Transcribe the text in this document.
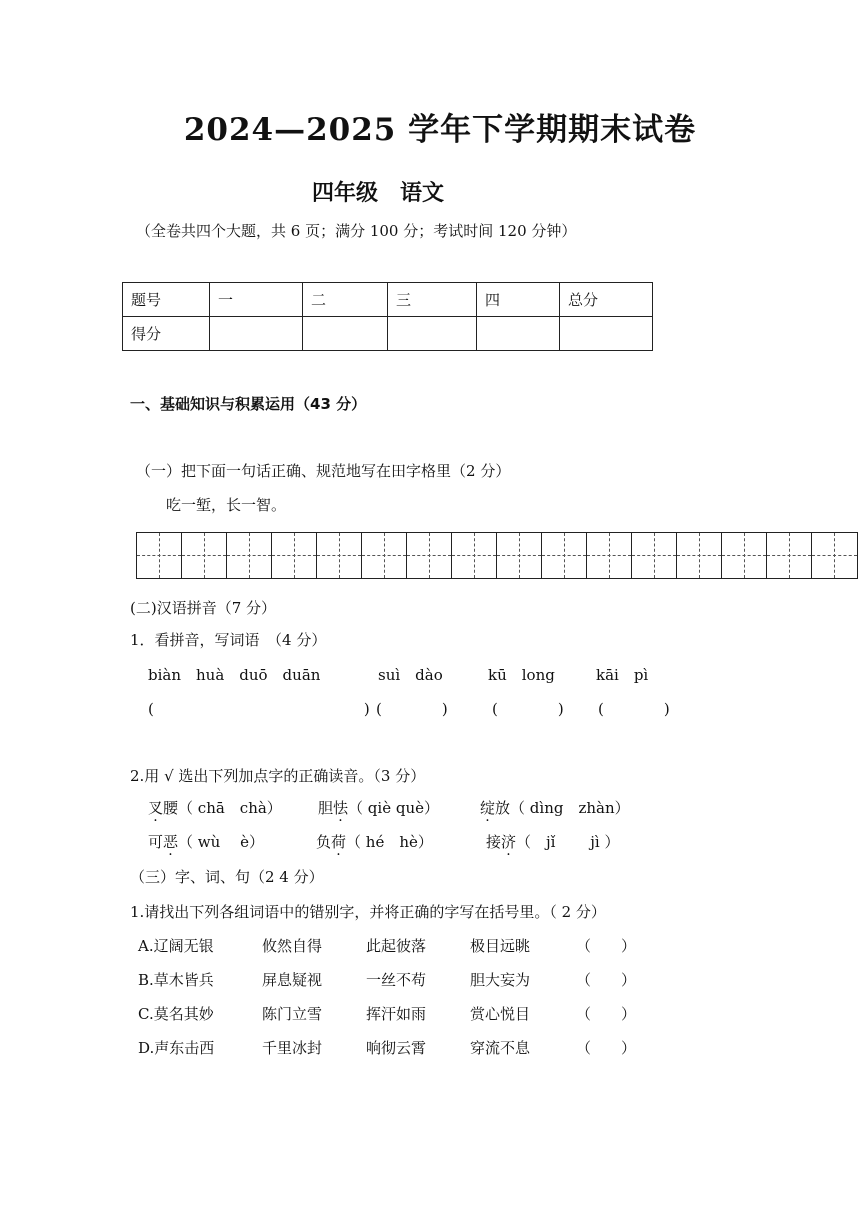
2024—2025 学年下学期期末试卷
四年级　语文
（全卷共四个大题，共 6 页；满分 100 分；考试时间 120 分钟）
题号	一	二	三	四	总分
得分					
一、基础知识与积累运用（43 分）
（一）把下面一句话正确、规范地写在田字格里（2 分）
吃一堑，长一智。
(二)汉语拼音（7 分）
1．看拼音，写词语　（4 分）
biàn　huà　duō　duān	suì　dào	kū　long	kāi　pì
(　　　　　　　　　　　　　　) (　　　　)	(　　　　) (　　　　)
2.用 √ 选出下列加点字的正确读音。（3 分）
叉腰（ chā　chà） 胆怯（ qiè què）	绽放（ dìng　zhàn）
可恶（ wù　 è）	负荷（ hé　hè）	接济（　jǐ　　 jì ）
（三）字、词、句（2 4 分）
1.请找出下列各组词语中的错别字，并将正确的字写在括号里。（ 2 分）
A.辽阔无银	攸然自得	此起彼落	极目远眺	（　　）
B.草木皆兵	屏息疑视	一丝不苟	胆大妄为	（　　）
C.莫名其妙	陈门立雪	挥汗如雨	赏心悦目	（　　）
D.声东击西	千里冰封	响彻云霄	穿流不息	（　　）
